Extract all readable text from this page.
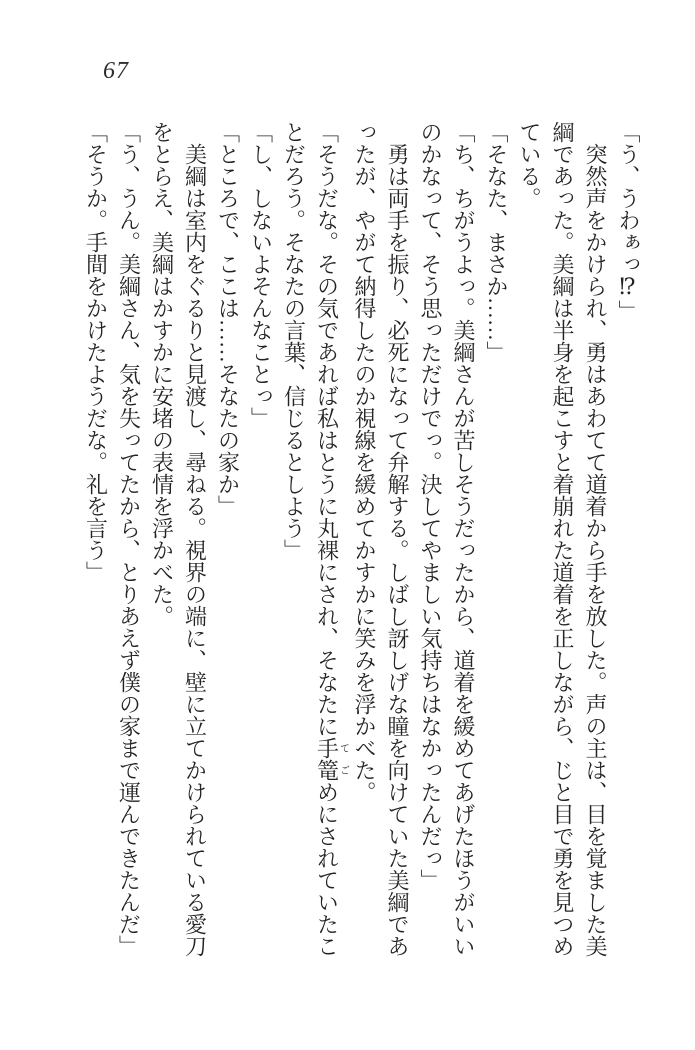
67

「う、うわぁっ⁉」

突然声をかけられ、勇はあわてて道着から手を放した。声の主は、目を覚ました美綱であった。美綱は半身を起こすと着崩れた道着を正しながら、じと目で勇を見つめている。

「そなた、まさか……」

「ち、ちがうよっ。美綱さんが苦しそうだったから、道着を緩めてあげたほうがいいのかなって、そう思っただけでっ。決してやましい気持ちはなかったんだっ」

勇は両手を振り、必死になって弁解する。しばし訝しげな瞳を向けていた美綱であったが、やがて納得したのか視線を緩めてかすかに笑みを浮かべた。

「そうだな。その気であれば私はとうに丸裸にされ、そなたに手篭てごめにされていたことだろう。そなたの言葉、信じるとしよう」

「し、しないよそんなことっ」

「ところで、ここは……そなたの家か」

美綱は室内をぐるりと見渡し、尋ねる。視界の端に、壁に立てかけられている愛刀をとらえ、美綱はかすかに安堵の表情を浮かべた。

「う、うん。美綱さん、気を失ってたから、とりあえず僕の家まで運んできたんだ」

「そうか。手間をかけたようだな。礼を言う」
